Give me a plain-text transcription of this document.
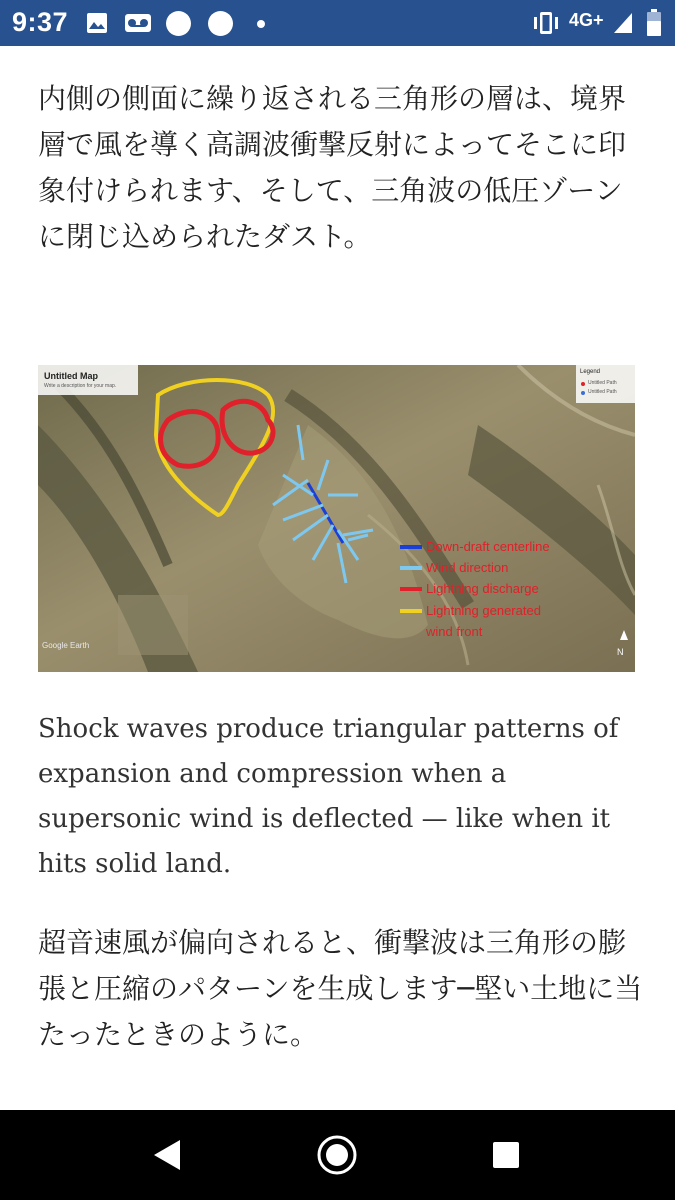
9:37	4G+

内側の側面に繰り返される三角形の層は、境界層で風を導く高調波衝撃反射によってそこに印象付けられます、そして、三角波の低圧ゾーンに閉じ込められたダスト。

Untitled Map
Write a description for your map.
Legend
Untitled Path
Untitled Path
Down-draft centerline
Wind direction
Lightning discharge
Lightning generated
wind front
Google Earth
N

Shock waves produce triangular patterns of expansion and compression when a supersonic wind is deflected — like when it hits solid land.

超音速風が偏向されると、衝撃波は三角形の膨張と圧縮のパターンを生成します─堅い土地に当たったときのように。
